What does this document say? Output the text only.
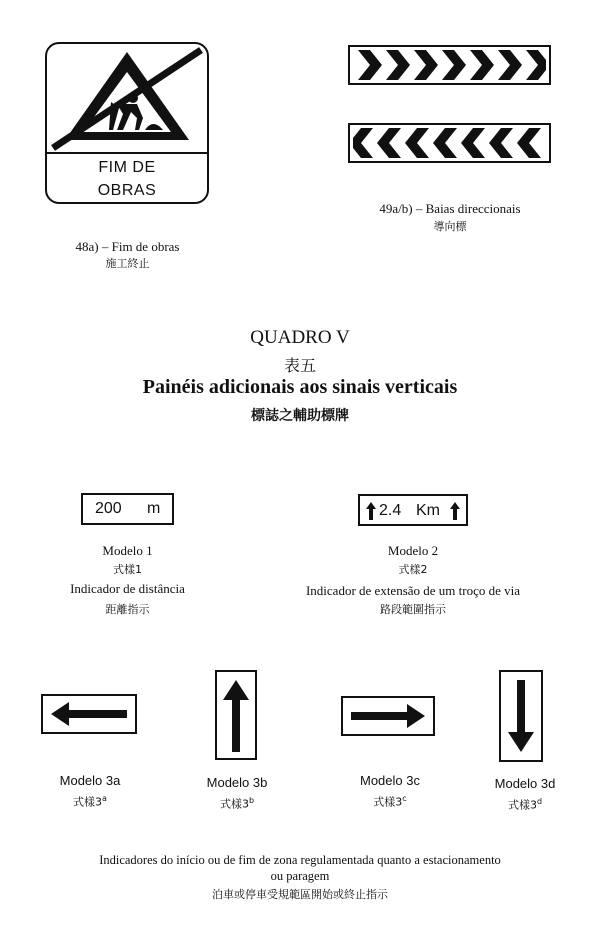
FIM DE
OBRAS
48a) – Fim de obras
施工終止
49a/b) – Baias direccionais
導向標
QUADRO V
表五
Painéis adicionais aos sinais verticais
標誌之輔助標牌
200 m
Modelo 1
式樣1
Indicador de distância
距離指示
2.4 Km
Modelo 2
式樣2
Indicador de extensão de um troço de via
路段範圍指示
Modelo 3a
式樣3$^a$
Modelo 3b
式樣3$^b$
Modelo 3c
式樣3$^c$
Modelo 3d
式樣3$^d$
Indicadores do início ou de fim de zona regulamentada quanto a estacionamento
ou paragem
泊車或停車受規範區開始或終止指示
